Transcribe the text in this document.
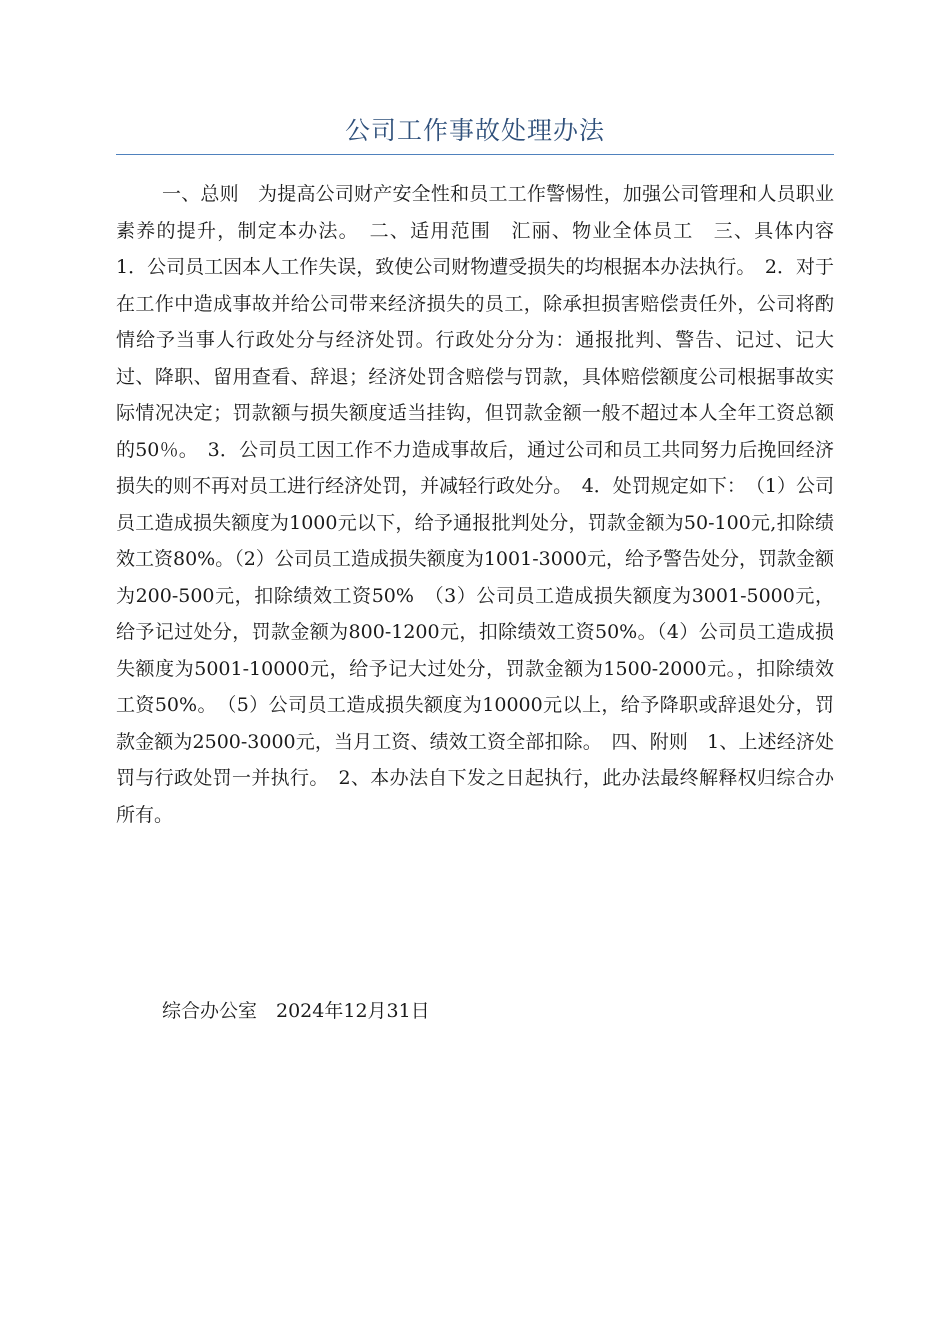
公司工作事故处理办法

一、总则　为提高公司财产安全性和员工工作警惕性，加强公司管理和人员职业素养的提升，制定本办法。　二、适用范围　汇丽、物业全体员工　三、具体内容　1．公司员工因本人工作失误，致使公司财物遭受损失的均根据本办法执行。　2．对于在工作中造成事故并给公司带来经济损失的员工，除承担损害赔偿责任外，公司将酌情给予当事人行政处分与经济处罚。行政处分分为：通报批判、警告、记过、记大过、降职、留用查看、辞退；经济处罚含赔偿与罚款，具体赔偿额度公司根据事故实际情况决定；罚款额与损失额度适当挂钩，但罚款金额一般不超过本人全年工资总额的50％。　3．公司员工因工作不力造成事故后，通过公司和员工共同努力后挽回经济损失的则不再对员工进行经济处罚，并减轻行政处分。　4．处罚规定如下：　（1）公司员工造成损失额度为1000元以下，给予通报批判处分，罚款金额为50-100元,扣除绩效工资80%。（2）公司员工造成损失额度为1001-3000元，给予警告处分，罚款金额为200-500元，扣除绩效工资50%　（3）公司员工造成损失额度为3001-5000元，给予记过处分，罚款金额为800-1200元，扣除绩效工资50%。（4）公司员工造成损失额度为5001-10000元，给予记大过处分，罚款金额为1500-2000元。，扣除绩效工资50%。　（5）公司员工造成损失额度为10000元以上，给予降职或辞退处分，罚款金额为2500-3000元，当月工资、绩效工资全部扣除。　四、附则　1、上述经济处罚与行政处罚一并执行。　2、本办法自下发之日起执行，此办法最终解释权归综合办所有。

综合办公室　2024年12月31日
